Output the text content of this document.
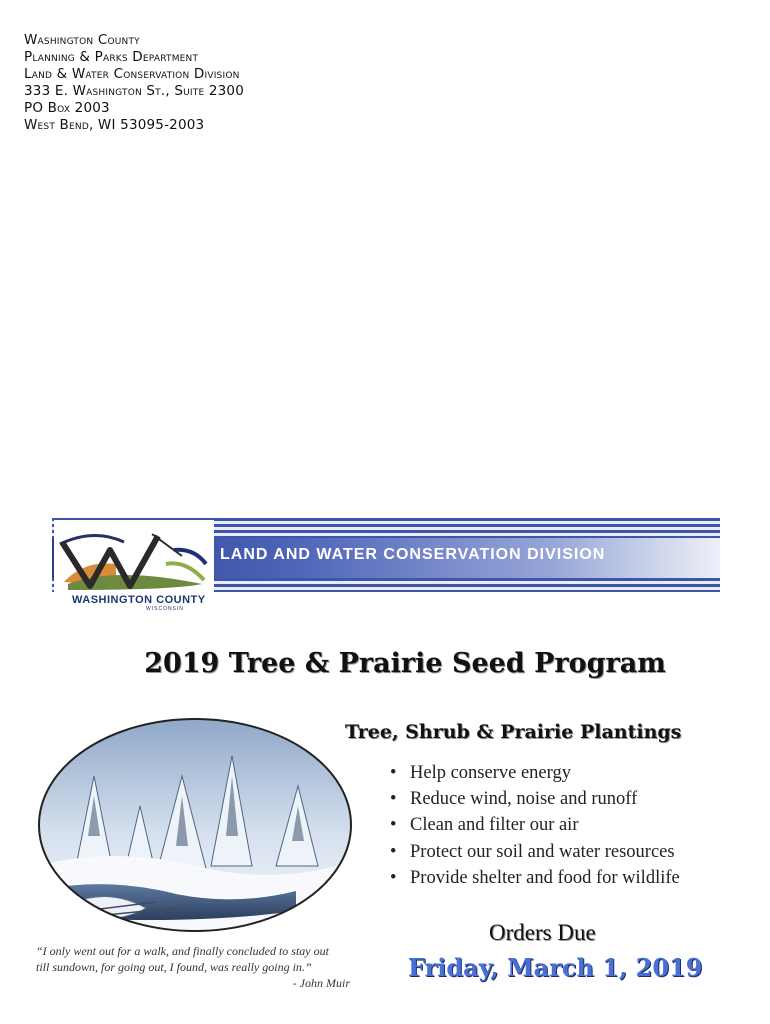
Washington County
Planning & Parks Department
Land & Water Conservation Division
333 E. Washington St., Suite 2300
PO Box 2003
West Bend, WI 53095-2003
LAND AND WATER CONSERVATION DIVISION
WASHINGTON COUNTY
WISCONSIN
2019 Tree & Prairie Seed Program
Tree, Shrub & Prairie Plantings
• Help conserve energy
• Reduce wind, noise and runoff
• Clean and filter our air
• Protect our soil and water resources
• Provide shelter and food for wildlife
“I only went out for a walk, and finally concluded to stay out
till sundown, for going out, I found, was really going in.”
- John Muir
Orders Due
Friday, March 1, 2019
